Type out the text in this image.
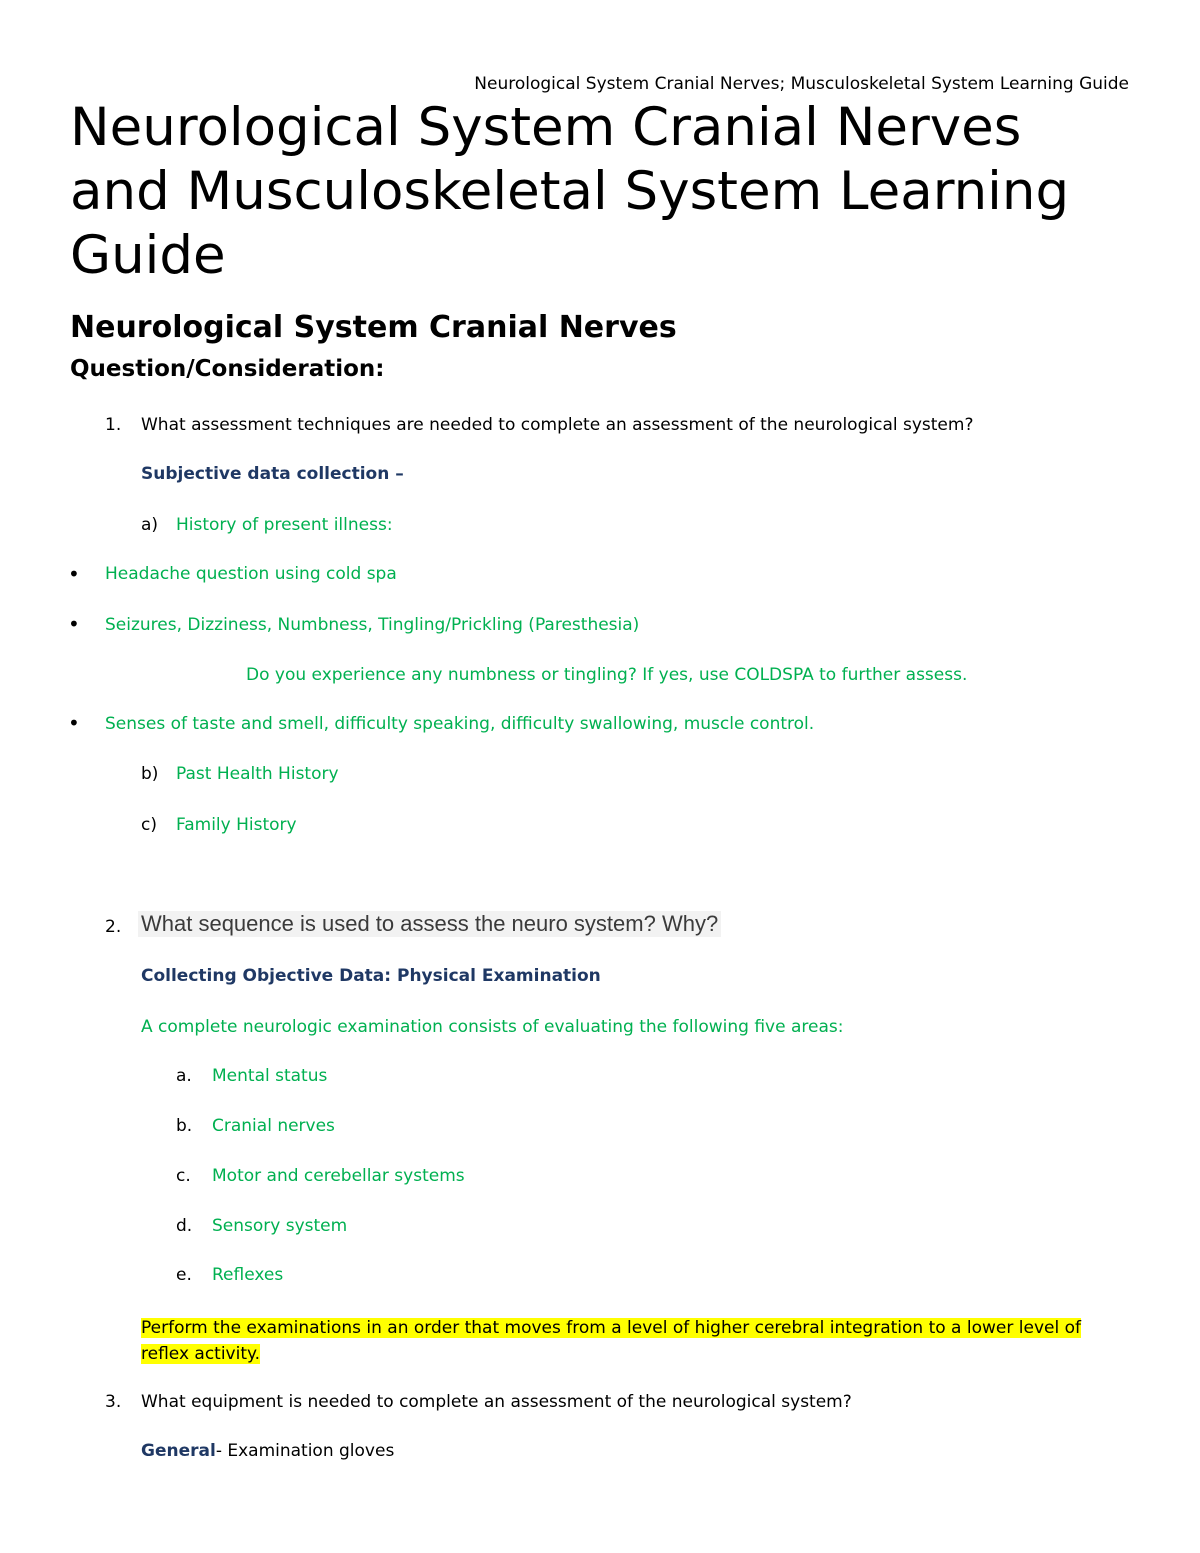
Neurological System Cranial Nerves; Musculoskeletal System Learning Guide
Neurological System Cranial Nerves
and Musculoskeletal System Learning
Guide
Neurological System Cranial Nerves
Question/Consideration:
1. What assessment techniques are needed to complete an assessment of the neurological system?
Subjective data collection –
a) History of present illness:
• Headache question using cold spa
• Seizures, Dizziness, Numbness, Tingling/Prickling (Paresthesia)
Do you experience any numbness or tingling? If yes, use COLDSPA to further assess.
• Senses of taste and smell, difficulty speaking, difficulty swallowing, muscle control.
b) Past Health History
c) Family History
2. What sequence is used to assess the neuro system? Why?
Collecting Objective Data: Physical Examination
A complete neurologic examination consists of evaluating the following five areas:
a. Mental status
b. Cranial nerves
c. Motor and cerebellar systems
d. Sensory system
e. Reflexes
Perform the examinations in an order that moves from a level of higher cerebral integration to a lower level of
reflex activity.
3. What equipment is needed to complete an assessment of the neurological system?
General- Examination gloves
